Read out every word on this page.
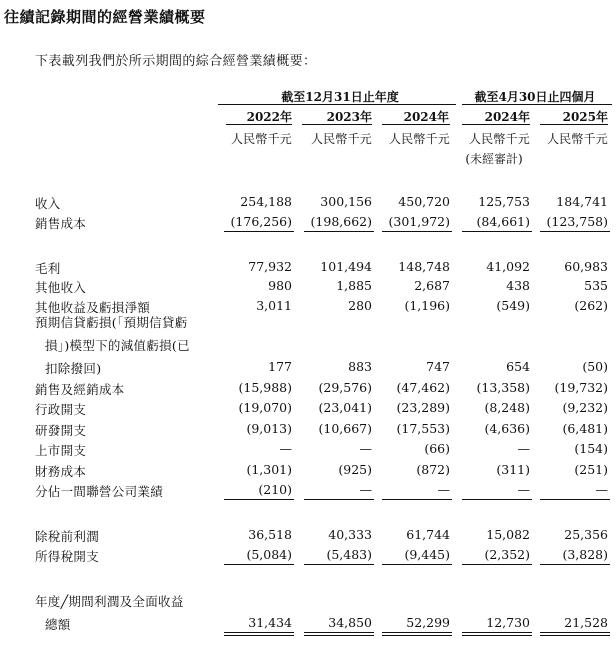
往績記錄期間的經營業績概要
下表載列我們於所示期間的綜合經營業績概要：
截至12月31日止年度	截至4月30日止四個月
2022年	2023年	2024年	2024年	2025年
人民幣千元	人民幣千元	人民幣千元	人民幣千元	人民幣千元
(未經審計)
收入	254,188	300,156	450,720	125,753	184,741
銷售成本	(176,256)	(198,662)	(301,972)	(84,661)	(123,758)
毛利	77,932	101,494	148,748	41,092	60,983
其他收入	980	1,885	2,687	438	535
其他收益及虧損淨額	3,011	280	(1,196)	(549)	(262)
預期信貸虧損(「預期信貸虧
損」)模型下的減值虧損(已
扣除撥回)	177	883	747	654	(50)
銷售及經銷成本	(15,988)	(29,576)	(47,462)	(13,358)	(19,732)
行政開支	(19,070)	(23,041)	(23,289)	(8,248)	(9,232)
研發開支	(9,013)	(10,667)	(17,553)	(4,636)	(6,481)
上市開支	—	—	(66)	—	(154)
財務成本	(1,301)	(925)	(872)	(311)	(251)
分佔一間聯營公司業績	(210)	—	—	—	—
除稅前利潤	36,518	40,333	61,744	15,082	25,356
所得稅開支	(5,084)	(5,483)	(9,445)	(2,352)	(3,828)
年度╱期間利潤及全面收益
總額	31,434	34,850	52,299	12,730	21,528
